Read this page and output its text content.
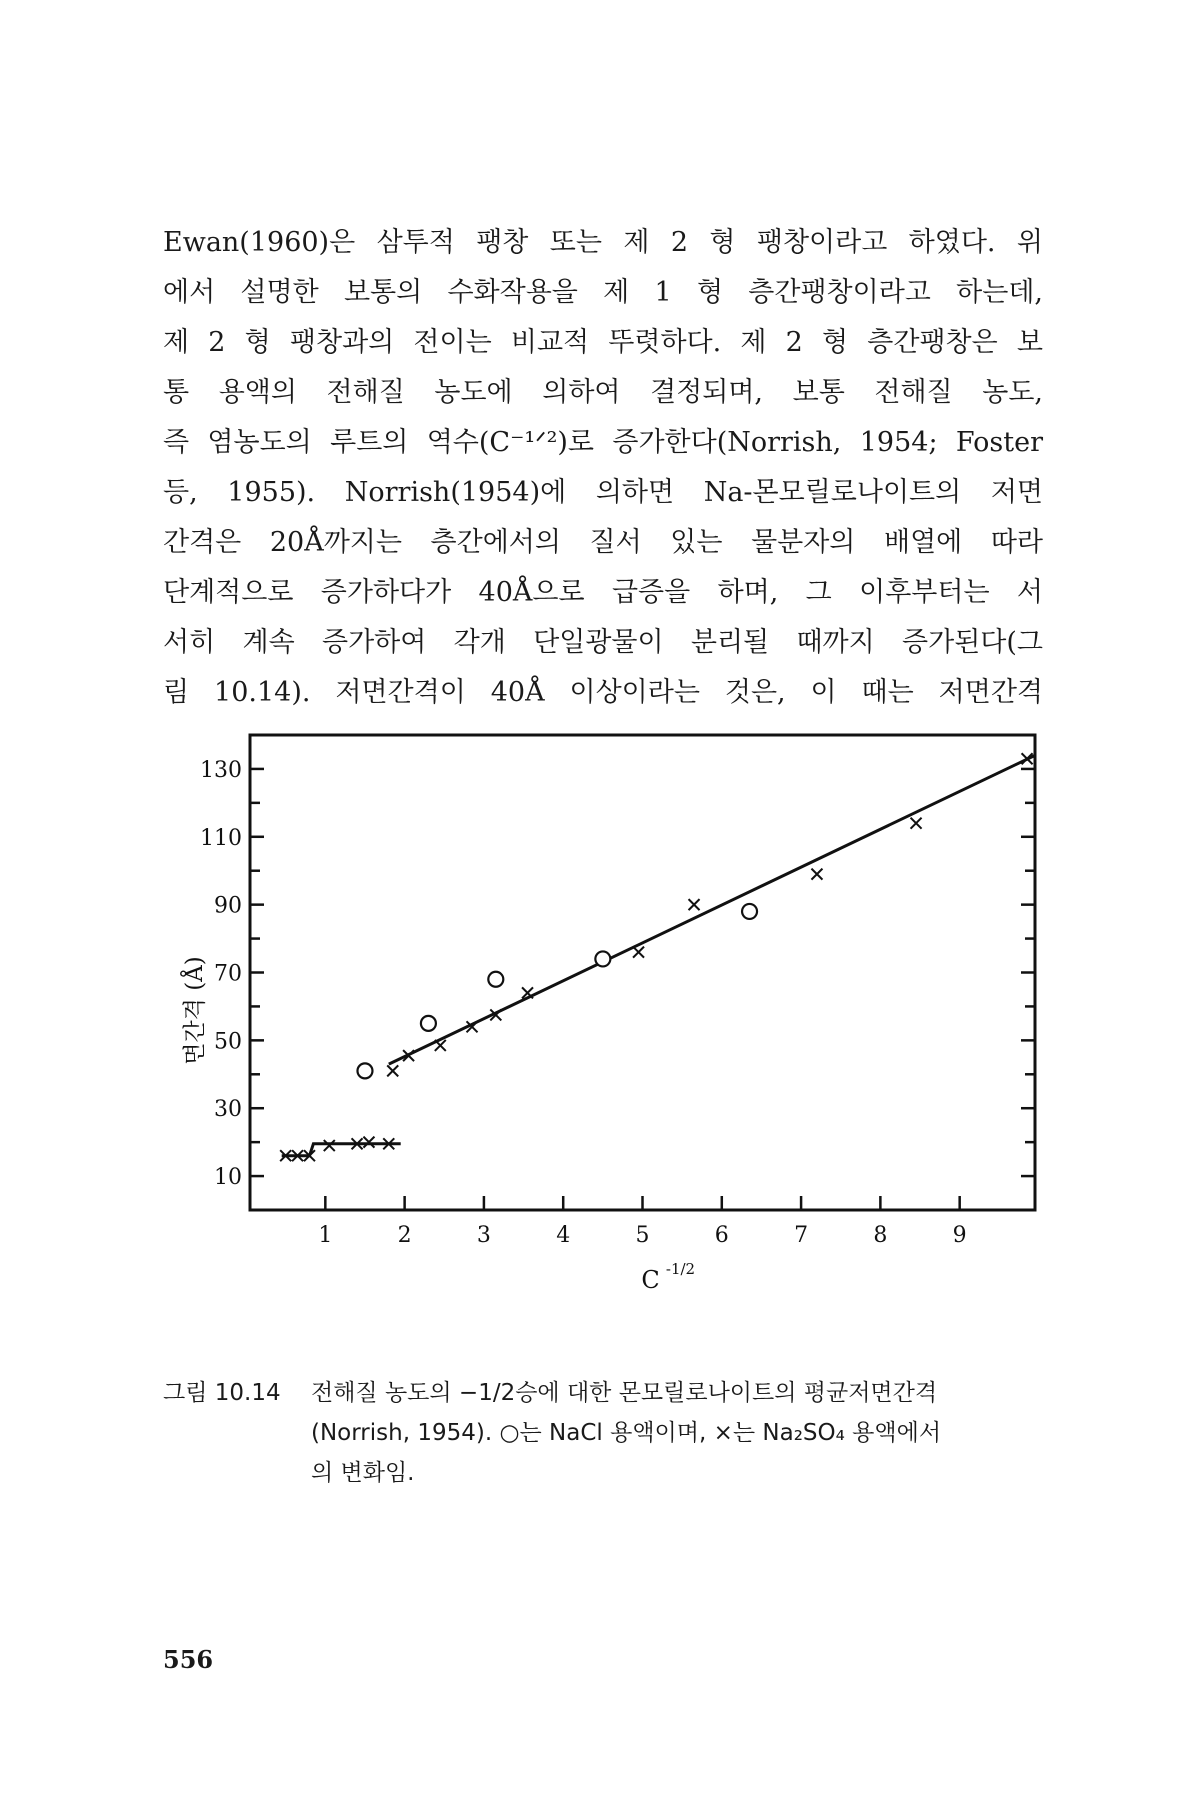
Ewan(1960)은 삼투적 팽창 또는 제 2 형 팽창이라고 하였다. 위
에서 설명한 보통의 수화작용을 제 1 형 층간팽창이라고 하는데,
제 2 형 팽창과의 전이는 비교적 뚜렷하다. 제 2 형 층간팽창은 보
통 용액의 전해질 농도에 의하여 결정되며, 보통 전해질 농도,
즉 염농도의 루트의 역수(C⁻¹ᐟ²)로 증가한다(Norrish, 1954; Foster
등, 1955). Norrish(1954)에 의하면 Na-몬모릴로나이트의 저면
간격은 20Å까지는 층간에서의 질서 있는 물분자의 배열에 따라
단계적으로 증가하다가 40Å으로 급증을 하며, 그 이후부터는 서
서히 계속 증가하여 각개 단일광물이 분리될 때까지 증가된다(그
림 10.14). 저면간격이 40Å 이상이라는 것은, 이 때는 저면간격
10
30
50
70
90
110
130
1	2	3	4	5	6	7	8	9
C -1/2
면간격 (Å)
그림 10.14 전해질 농도의 −1/2승에 대한 몬모릴로나이트의 평균저면간격
(Norrish, 1954). ○는 NaCl 용액이며, ×는 Na₂SO₄ 용액에서
의 변화임.
556
